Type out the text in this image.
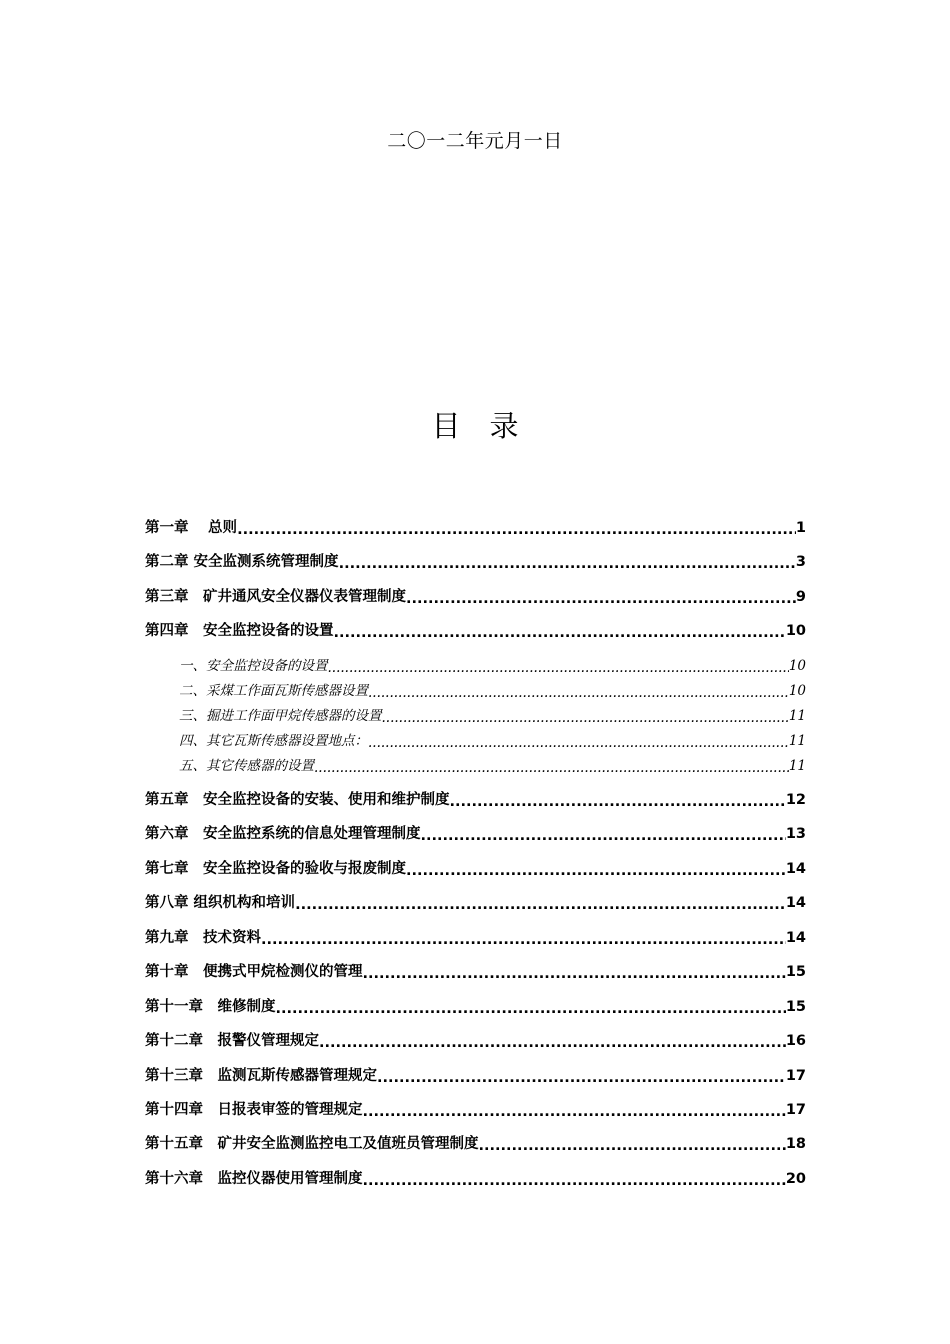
二〇一二年元月一日
目　录
第一章　 总则 .....	1
第二章 安全监测系统管理制度 .....	3
第三章　矿井通风安全仪器仪表管理制度 .....	9
第四章　安全监控设备的设置 .....	10
一、安全监控设备的设置 .....	10
二、采煤工作面瓦斯传感器设置 .....	10
三、掘进工作面甲烷传感器的设置 .....	11
四、其它瓦斯传感器设置地点： .....	11
五、其它传感器的设置 .....	11
第五章　安全监控设备的安装、使用和维护制度 .....	12
第六章　安全监控系统的信息处理管理制度 .....	13
第七章　安全监控设备的验收与报废制度 .....	14
第八章 组织机构和培训 .....	14
第九章　技术资料 .....	14
第十章　便携式甲烷检测仪的管理 .....	15
第十一章　维修制度 .....	15
第十二章　报警仪管理规定 .....	16
第十三章　监测瓦斯传感器管理规定 .....	17
第十四章　日报表审签的管理规定 .....	17
第十五章　矿井安全监测监控电工及值班员管理制度 .....	18
第十六章　监控仪器使用管理制度 .....	20
